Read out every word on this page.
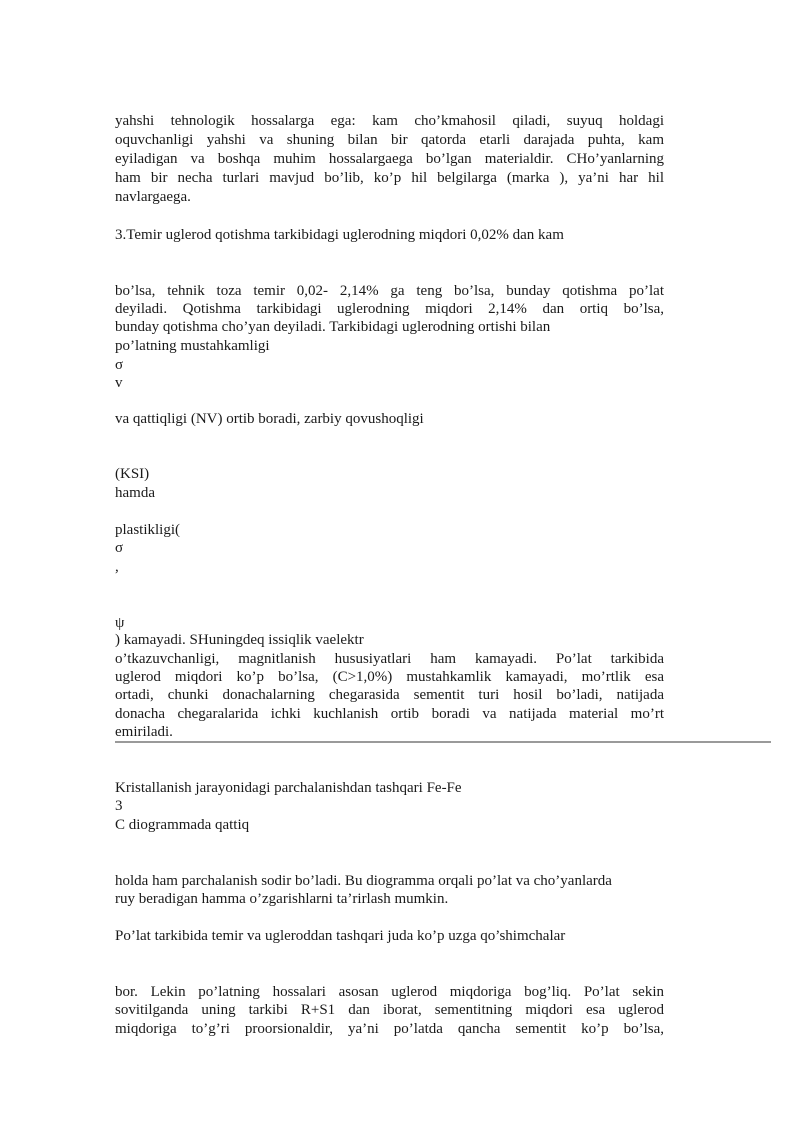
yahshi tehnologik hossalarga ega: kam cho’kmahosil qiladi, suyuq holdagi
oquvchanligi yahshi va shuning bilan bir qatorda etarli darajada puhta, kam
eyiladigan va boshqa muhim hossalargaega bo’lgan materialdir. CHo’yanlarning
ham bir necha turlari mavjud bo’lib, ko’p hil belgilarga (marka ), ya’ni har hil
navlargaega.
3.Temir uglerod qotishma tarkibidagi uglerodning miqdori 0,02% dan kam
bo’lsa, tehnik toza temir 0,02- 2,14% ga teng bo’lsa, bunday qotishma po’lat
deyiladi. Qotishma tarkibidagi uglerodning miqdori 2,14% dan ortiq bo’lsa,
bunday qotishma cho’yan deyiladi. Tarkibidagi uglerodning ortishi bilan
po’latning mustahkamligi
σ
v
va qattiqligi (NV) ortib boradi, zarbiy qovushoqligi
(KSI)
hamda
plastikligi(
σ
,
ψ
) kamayadi. SHuningdeq issiqlik vaelektr
o’tkazuvchanligi, magnitlanish hususiyatlari ham kamayadi. Po’lat tarkibida
uglerod miqdori ko’p bo’lsa, (C>1,0%) mustahkamlik kamayadi, mo’rtlik esa
ortadi, chunki donachalarning chegarasida sementit turi hosil bo’ladi, natijada
donacha chegaralarida ichki kuchlanish ortib boradi va natijada material mo’rt
emiriladi.
Kristallanish jarayonidagi parchalanishdan tashqari Fe-Fe
3
C diogrammada qattiq
holda ham parchalanish sodir bo’ladi. Bu diogramma orqali po’lat va cho’yanlarda
ruy beradigan hamma o’zgarishlarni ta’rirlash mumkin.
Po’lat tarkibida temir va ugleroddan tashqari juda ko’p uzga qo’shimchalar
bor. Lekin po’latning hossalari asosan uglerod miqdoriga bog’liq. Po’lat sekin
sovitilganda uning tarkibi R+S1 dan iborat, sementitning miqdori esa uglerod
miqdoriga to’g’ri proorsionaldir, ya’ni po’latda qancha sementit ko’p bo’lsa,
